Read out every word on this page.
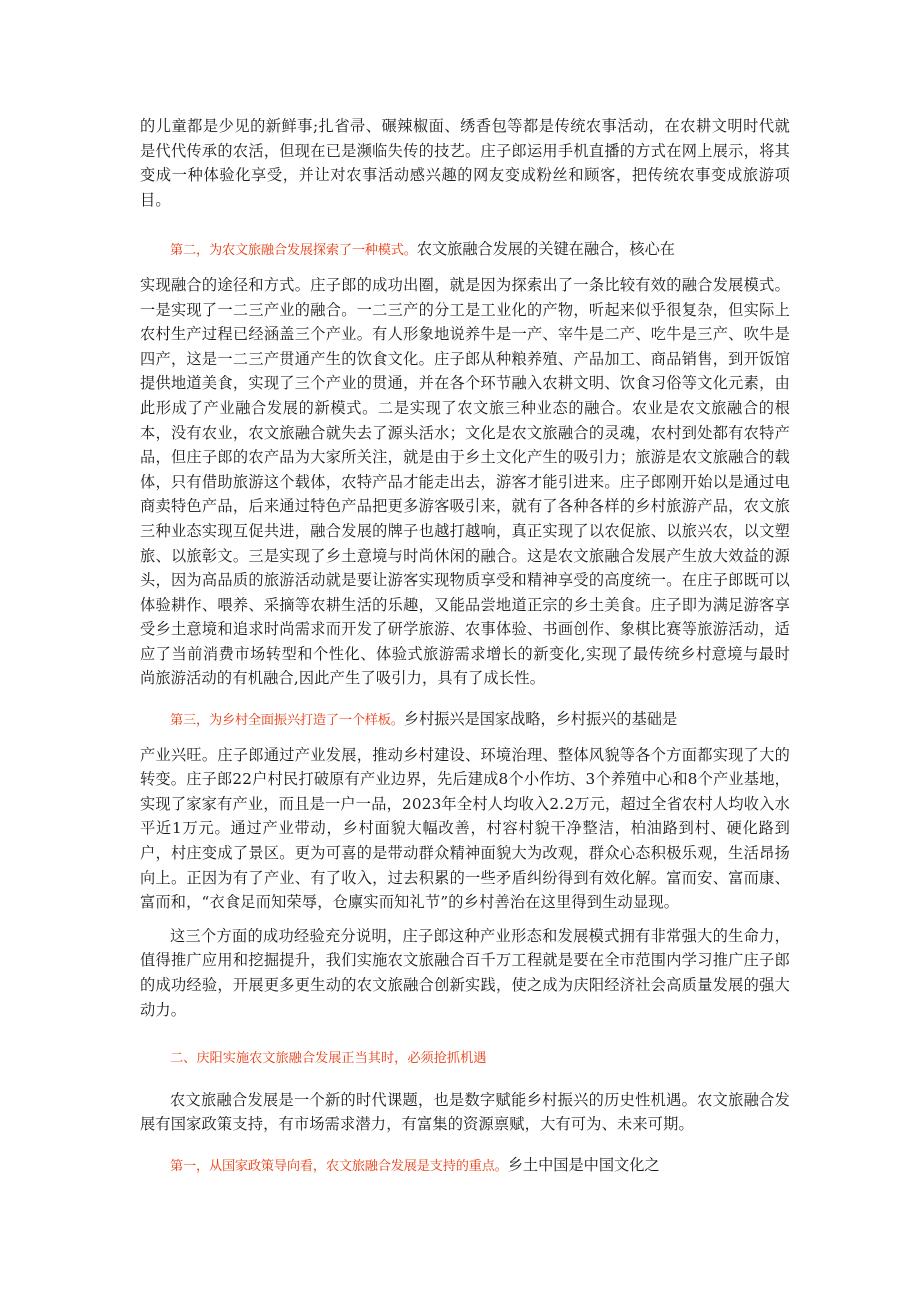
的儿童都是少见的新鲜事;扎省帚、碾辣椒面、绣香包等都是传统农事活动，在农耕文明时代就是代代传承的农活，但现在已是濒临失传的技艺。庄子郎运用手机直播的方式在网上展示，将其变成一种体验化享受，并让对农事活动感兴趣的网友变成粉丝和顾客，把传统农事变成旅游项目。

第二，为农文旅融合发展探索了一种模式。农文旅融合发展的关键在融合，核心在

实现融合的途径和方式。庄子郎的成功出圈，就是因为探索出了一条比较有效的融合发展模式。一是实现了一二三产业的融合。一二三产的分工是工业化的产物，听起来似乎很复杂，但实际上农村生产过程已经涵盖三个产业。有人形象地说养牛是一产、宰牛是二产、吃牛是三产、吹牛是四产，这是一二三产贯通产生的饮食文化。庄子郎从种粮养殖、产品加工、商品销售，到开饭馆提供地道美食，实现了三个产业的贯通，并在各个环节融入农耕文明、饮食习俗等文化元素，由此形成了产业融合发展的新模式。二是实现了农文旅三种业态的融合。农业是农文旅融合的根本，没有农业，农文旅融合就失去了源头活水；文化是农文旅融合的灵魂，农村到处都有农特产品，但庄子郎的农产品为大家所关注，就是由于乡土文化产生的吸引力；旅游是农文旅融合的载体，只有借助旅游这个载体，农特产品才能走出去，游客才能引进来。庄子郎刚开始以是通过电商卖特色产品，后来通过特色产品把更多游客吸引来，就有了各种各样的乡村旅游产品，农文旅三种业态实现互促共进，融合发展的牌子也越打越响，真正实现了以农促旅、以旅兴农，以文塑旅、以旅彰文。三是实现了乡土意境与时尚休闲的融合。这是农文旅融合发展产生放大效益的源头，因为高品质的旅游活动就是要让游客实现物质享受和精神享受的高度统一。在庄子郎既可以体验耕作、喂养、采摘等农耕生活的乐趣，又能品尝地道正宗的乡土美食。庄子即为满足游客享受乡土意境和追求时尚需求而开发了研学旅游、农事体验、书画创作、象棋比赛等旅游活动，适应了当前消费市场转型和个性化、体验式旅游需求增长的新变化,实现了最传统乡村意境与最时尚旅游活动的有机融合,因此产生了吸引力，具有了成长性。

第三，为乡村全面振兴打造了一个样板。乡村振兴是国家战略，乡村振兴的基础是

产业兴旺。庄子郎通过产业发展，推动乡村建设、环境治理、整体风貌等各个方面都实现了大的转变。庄子郎22户村民打破原有产业边界，先后建成8个小作坊、3个养殖中心和8个产业基地，实现了家家有产业，而且是一户一品，2023年全村人均收入2.2万元，超过全省农村人均收入水平近1万元。通过产业带动，乡村面貌大幅改善，村容村貌干净整洁，柏油路到村、硬化路到户，村庄变成了景区。更为可喜的是带动群众精神面貌大为改观，群众心态积极乐观，生活昂扬向上。正因为有了产业、有了收入，过去积累的一些矛盾纠纷得到有效化解。富而安、富而康、富而和，“衣食足而知荣辱，仓廪实而知礼节”的乡村善治在这里得到生动显现。

这三个方面的成功经验充分说明，庄子郎这种产业形态和发展模式拥有非常强大的生命力，值得推广应用和挖掘提升，我们实施农文旅融合百千万工程就是要在全市范围内学习推广庄子郎的成功经验，开展更多更生动的农文旅融合创新实践，使之成为庆阳经济社会高质量发展的强大动力。

二、庆阳实施农文旅融合发展正当其时，必须抢抓机遇

农文旅融合发展是一个新的时代课题，也是数字赋能乡村振兴的历史性机遇。农文旅融合发展有国家政策支持，有市场需求潜力，有富集的资源禀赋，大有可为、未来可期。

第一，从国家政策导向看，农文旅融合发展是支持的重点。乡土中国是中国文化之
